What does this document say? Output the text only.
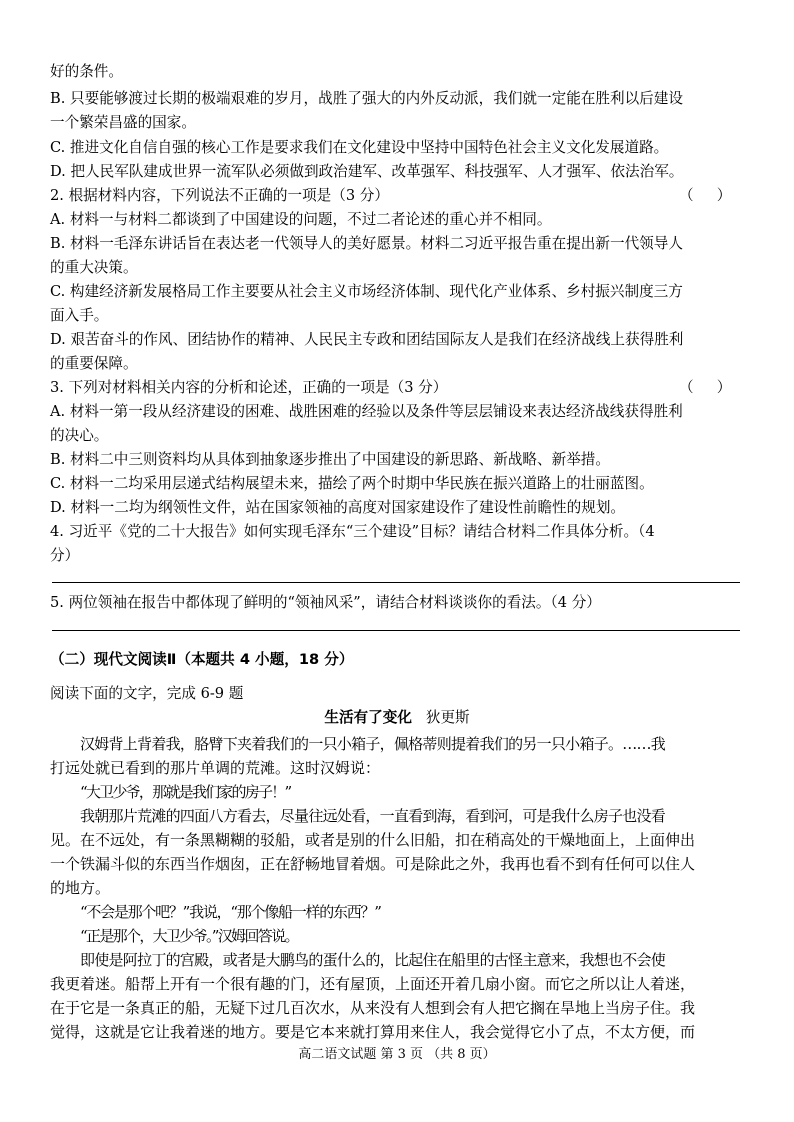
好的条件。
B. 只要能够渡过长期的极端艰难的岁月，战胜了强大的内外反动派，我们就一定能在胜利以后建设
一个繁荣昌盛的国家。
C. 推进文化自信自强的核心工作是要求我们在文化建设中坚持中国特色社会主义文化发展道路。
D. 把人民军队建成世界一流军队必须做到政治建军、改革强军、科技强军、人才强军、依法治军。
2. 根据材料内容，下列说法不正确的一项是（3 分）	（     ）
A. 材料一与材料二都谈到了中国建设的问题，不过二者论述的重心并不相同。
B. 材料一毛泽东讲话旨在表达老一代领导人的美好愿景。材料二习近平报告重在提出新一代领导人
的重大决策。
C. 构建经济新发展格局工作主要要从社会主义市场经济体制、现代化产业体系、乡村振兴制度三方
面入手。
D. 艰苦奋斗的作风、团结协作的精神、人民民主专政和团结国际友人是我们在经济战线上获得胜利
的重要保障。
3. 下列对材料相关内容的分析和论述，正确的一项是（3 分）	（     ）
A. 材料一第一段从经济建设的困难、战胜困难的经验以及条件等层层铺设来表达经济战线获得胜利
的决心。
B. 材料二中三则资料均从具体到抽象逐步推出了中国建设的新思路、新战略、新举措。
C. 材料一二均采用层递式结构展望未来，描绘了两个时期中华民族在振兴道路上的壮丽蓝图。
D. 材料一二均为纲领性文件，站在国家领袖的高度对国家建设作了建设性前瞻性的规划。
4. 习近平《党的二十大报告》如何实现毛泽东“三个建设”目标？请结合材料二作具体分析。（4
分）
5. 两位领袖在报告中都体现了鲜明的“领袖风采”，请结合材料谈谈你的看法。（4 分）
（二）现代文阅读Ⅱ（本题共 4 小题，18 分）
阅读下面的文字，完成 6-9 题
生活有了变化 狄更斯
汉姆背上背着我，胳臂下夹着我们的一只小箱子，佩格蒂则提着我们的另一只小箱子。……我
打远处就已看到的那片单调的荒滩。这时汉姆说：
“大卫少爷，那就是我们家的房子！”
我朝那片荒滩的四面八方看去，尽量往远处看，一直看到海，看到河，可是我什么房子也没看
见。在不远处，有一条黑糊糊的驳船，或者是别的什么旧船，扣在稍高处的干燥地面上，上面伸出
一个铁漏斗似的东西当作烟囱，正在舒畅地冒着烟。可是除此之外，我再也看不到有任何可以住人
的地方。
“不会是那个吧？”我说，“那个像船一样的东西？”
“正是那个，大卫少爷。”汉姆回答说。
即使是阿拉丁的宫殿，或者是大鹏鸟的蛋什么的，比起住在船里的古怪主意来，我想也不会使
我更着迷。船帮上开有一个很有趣的门，还有屋顶，上面还开着几扇小窗。而它之所以让人着迷，
在于它是一条真正的船，无疑下过几百次水，从来没有人想到会有人把它搁在旱地上当房子住。我
觉得，这就是它让我着迷的地方。要是它本来就打算用来住人，我会觉得它小了点，不太方便，而
高二语文试题 第 3 页 （共 8 页）
